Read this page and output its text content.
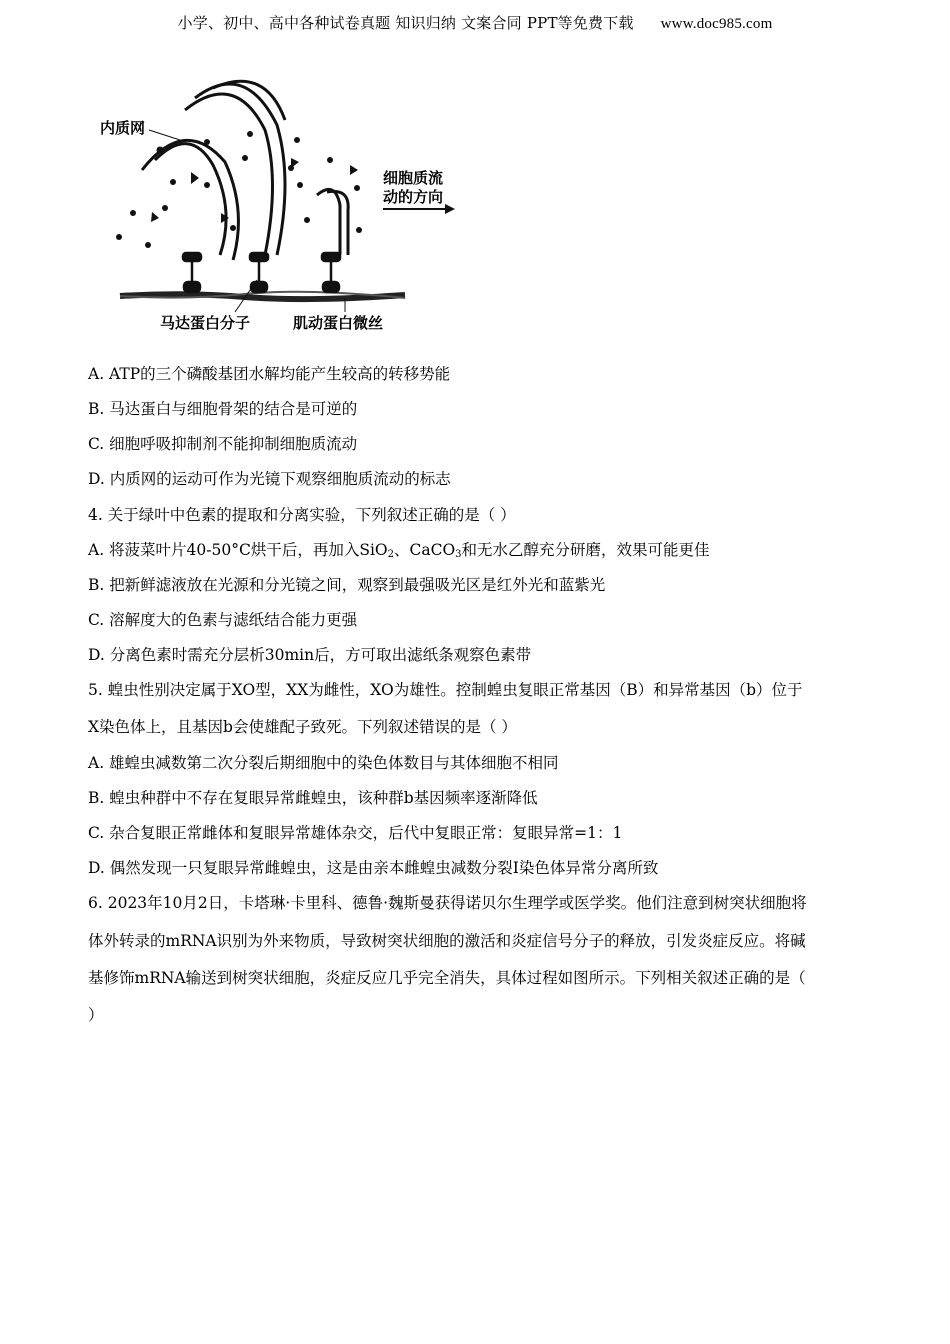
小学、初中、高中各种试卷真题 知识归纳 文案合同 PPT等免费下载 www.doc985.com
内质网
细胞质流
动的方向
马达蛋白分子	肌动蛋白微丝
A. ATP的三个磷酸基团水解均能产生较高的转移势能
B. 马达蛋白与细胞骨架的结合是可逆的
C. 细胞呼吸抑制剂不能抑制细胞质流动
D. 内质网的运动可作为光镜下观察细胞质流动的标志
4. 关于绿叶中色素的提取和分离实验，下列叙述正确的是（ ）
A. 将菠菜叶片40-50°C烘干后，再加入SiO$_2$、CaCO$_3$和无水乙醇充分研磨，效果可能更佳
B. 把新鲜滤液放在光源和分光镜之间，观察到最强吸光区是红外光和蓝紫光
C. 溶解度大的色素与滤纸结合能力更强
D. 分离色素时需充分层析30min后，方可取出滤纸条观察色素带
5. 蝗虫性别决定属于XO型，XX为雌性，XO为雄性。控制蝗虫复眼正常基因（B）和异常基因（b）位于
X染色体上，且基因b会使雄配子致死。下列叙述错误的是（ ）
A. 雄蝗虫减数第二次分裂后期细胞中的染色体数目与其体细胞不相同
B. 蝗虫种群中不存在复眼异常雌蝗虫，该种群b基因频率逐渐降低
C. 杂合复眼正常雌体和复眼异常雄体杂交，后代中复眼正常：复眼异常=1：1
D. 偶然发现一只复眼异常雌蝗虫，这是由亲本雌蝗虫减数分裂I染色体异常分离所致
6. 2023年10月2日，卡塔琳·卡里科、德鲁·魏斯曼获得诺贝尔生理学或医学奖。他们注意到树突状细胞将
体外转录的mRNA识别为外来物质，导致树突状细胞的激活和炎症信号分子的释放，引发炎症反应。将碱
基修饰mRNA输送到树突状细胞，炎症反应几乎完全消失，具体过程如图所示。下列相关叙述正确的是（
）
